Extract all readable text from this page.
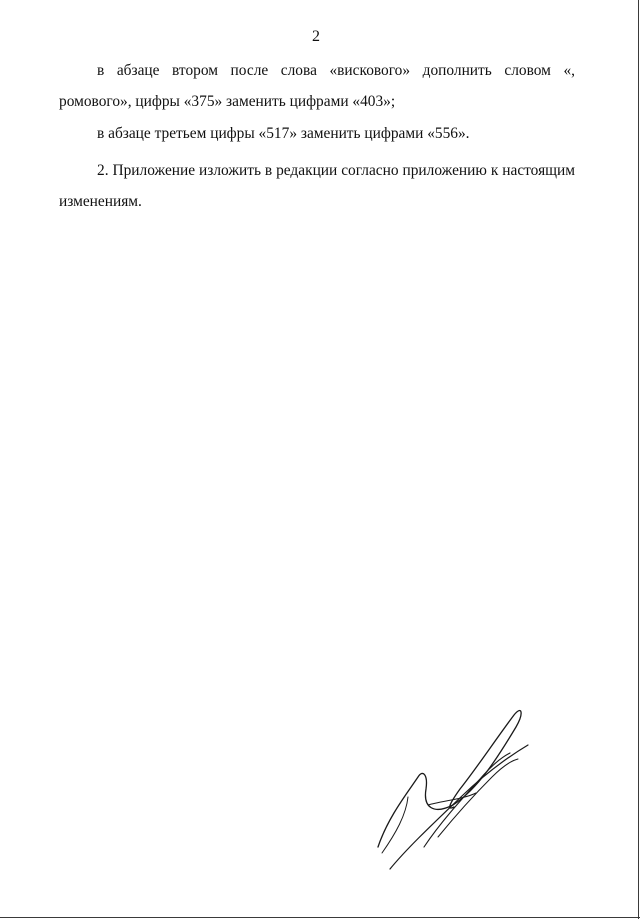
2

в абзаце втором после слова «вискового» дополнить словом «, ромового», цифры «375» заменить цифрами «403»;

в абзаце третьем цифры «517» заменить цифрами «556».

2. Приложение изложить в редакции согласно приложению к настоящим изменениям.
